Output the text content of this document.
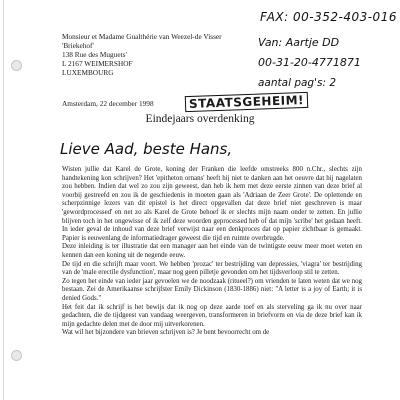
Monsieur et Madame Gualthérie van Weezel-de Visser
'Briekehof'
138 Rue des Muguets'
L 2167 WEIMERSHOF
LUXEMBOURG
FAX: 00-352-403-016
Van: Aartje DD
00-31-20-4771871
aantal pag's: 2
Amsterdam, 22 december 1998	STAATSGEHEIM!
Eindejaars overdenking
Lieve Aad, beste Hans,

Wisten jullie dat Karel de Grote, koning der Franken die leefde omstreeks 800 n.Chr., slechts zijn handtekening kon schrijven? Het 'epitheton ornans' heeft hij niet te danken aan het oeuvre dat hij nagelaten zou hebben. Indien dat wel zo zou zijn geweest, dan heb ik hem met deze eerste zinnen van deze brief al voorbij gestreefd en zou ik de geschiedenis in moeten gaan als 'Adriaan de Zeer Grote'. De oplettende en scherpzinnige lezers van dit epistel is het direct opgevallen dat deze brief niet geschreven is maar 'gewordprocessed' en net zo als Karel de Grote behoef ik er slechts mijn naam onder te zetten. En jullie blijven toch in het ongewisse of ik zelf deze woorden geprocessed heb of dat mijn 'scribe' het gedaan heeft. In ieder geval de inhoud van deze brief verwijst naar een denkproces dat op papier zichtbaar is gemaakt. Papier is eeuwenlang de informatiedrager geweest die tijd en ruimte overbrugde.

Deze inleiding is ter illustratie dat een manager aan het einde van de twintigste eeuw meer moet weten en kennen dan een koning uit de negende eeuw.

De tijd en die schrijft maar voort. We hebben 'prozac' ter bestrijding van depressies, 'viagra' ter bestrijding van de 'male erectile dysfunction', maar nog geen pilletje gevonden om het tijdsverloop stil te zetten.

Zo tegen het einde van ieder jaar gevoelen we de noodzaak (ritueel?) om vrienden te laten weten dat we nog bestaan. Zei de Amerikaanse schrijfster Emily Dickinson (1830-1886) niet: "A letter is a joy of Earth; it is denied Gods."

Het feit dat ik schrijf is het bewijs dat ik nog op deze aarde toef en als sterveling ga ik nu over naar gedachten, die de tijdgeest van vandaag weergeven, transformeren in briefvorm en via de deze brief kan ik mijn gedachte delen met de door mij uitverkorenen.

Wat wil het bijzondere van brieven schrijven is? Je bent bevoorrecht om de
